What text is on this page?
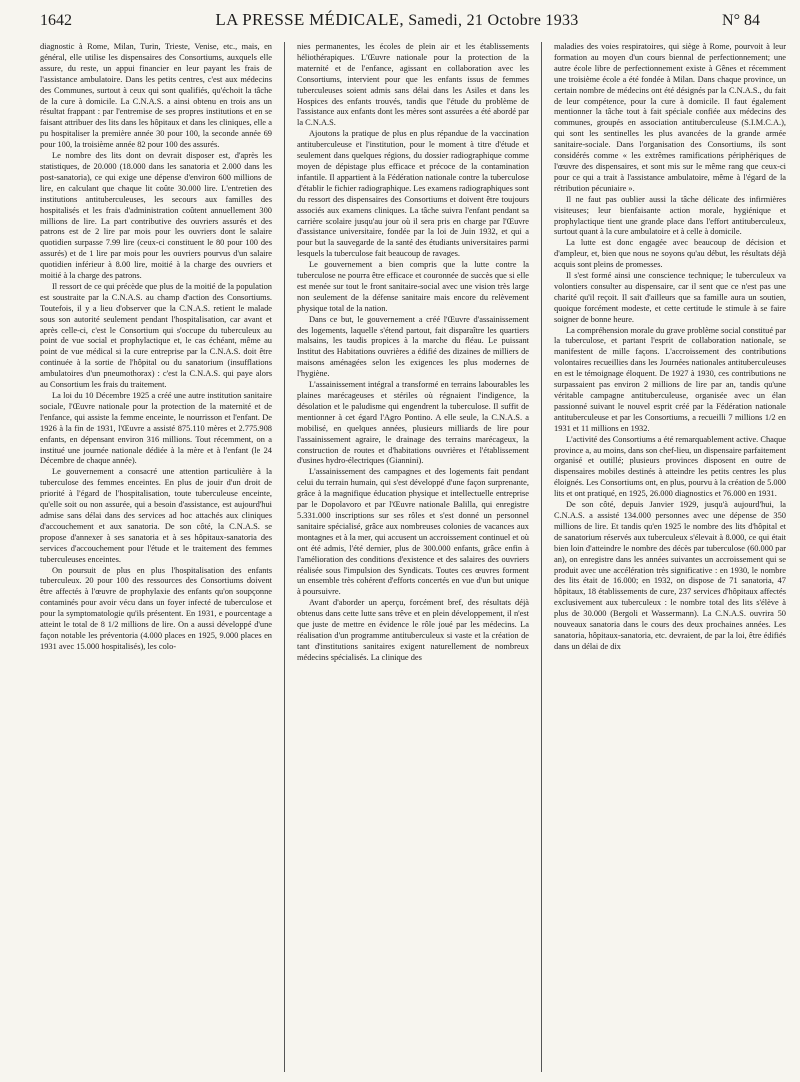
1642	LA PRESSE MÉDICALE, Samedi, 21 Octobre 1933	N° 84

diagnostic à Rome, Milan, Turin, Trieste, Venise, etc., mais, en général, elle utilise les dispensaires des Consortiums, auxquels elle assure, du reste, un appui financier en leur payant les frais de l'assistance ambulatoire. Dans les petits centres, c'est aux médecins des Communes, surtout à ceux qui sont qualifiés, qu'échoit la tâche de la cure à domicile. La C.N.A.S. a ainsi obtenu en trois ans un résultat frappant : par l'entremise de ses propres institutions et en se faisant attribuer des lits dans les hôpitaux et dans les cliniques, elle a pu hospitaliser la première année 30 pour 100, la seconde année 69 pour 100, la troisième année 82 pour 100 des assurés.

Le nombre des lits dont on devrait disposer est, d'après les statistiques, de 20.000 (18.000 dans les sanatoria et 2.000 dans les post-sanatoria), ce qui exige une dépense d'environ 600 millions de lire, en calculant que chaque lit coûte 30.000 lire. L'entretien des institutions antituberculeuses, les secours aux familles des hospitalisés et les frais d'administration coûtent annuellement 300 millions de lire. La part contributive des ouvriers assurés et des patrons est de 2 lire par mois pour les ouvriers dont le salaire quotidien surpasse 7.99 lire (ceux-ci constituent le 80 pour 100 des assurés) et de 1 lire par mois pour les ouvriers pourvus d'un salaire quotidien inférieur à 8.00 lire, moitié à la charge des ouvriers et moitié à la charge des patrons.

Il ressort de ce qui précède que plus de la moitié de la population est soustraite par la C.N.A.S. au champ d'action des Consortiums. Toutefois, il y a lieu d'observer que la C.N.A.S. retient le malade sous son autorité seulement pendant l'hospitalisation, car avant et après celle-ci, c'est le Consortium qui s'occupe du tuberculeux au point de vue social et prophylactique et, le cas échéant, même au point de vue médical si la cure entreprise par la C.N.A.S. doit être continuée à la sortie de l'hôpital ou du sanatorium (insufflations ambulatoires d'un pneumothorax) : c'est la C.N.A.S. qui paye alors au Consortium les frais du traitement.

La loi du 10 Décembre 1925 a créé une autre institution sanitaire sociale, l'Œuvre nationale pour la protection de la maternité et de l'enfance, qui assiste la femme enceinte, le nourrisson et l'enfant. De 1926 à la fin de 1931, l'Œuvre a assisté 875.110 mères et 2.775.908 enfants, en dépensant environ 316 millions. Tout récemment, on a institué une journée nationale dédiée à la mère et à l'enfant (le 24 Décembre de chaque année).

Le gouvernement a consacré une attention particulière à la tuberculose des femmes enceintes. En plus de jouir d'un droit de priorité à l'égard de l'hospitalisation, toute tuberculeuse enceinte, qu'elle soit ou non assurée, qui a besoin d'assistance, est aujourd'hui admise sans délai dans des services ad hoc attachés aux cliniques d'accouchement et aux sanatoria. De son côté, la C.N.A.S. se propose d'annexer à ses sanatoria et à ses hôpitaux-sanatoria des services d'accouchement pour l'étude et le traitement des femmes tuberculeuses enceintes.

On poursuit de plus en plus l'hospitalisation des enfants tuberculeux. 20 pour 100 des ressources des Consortiums doivent être affectés à l'œuvre de prophylaxie des enfants qu'on soupçonne contaminés pour avoir vécu dans un foyer infecté de tuberculose et pour la symptomatologie qu'ils présentent. En 1931, e pourcentage a atteint le total de 8 1/2 millions de lire. On a aussi développé d'une façon notable les préventoria (4.000 places en 1925, 9.000 places en 1931 avec 15.000 hospitalisés), les colo-

nies permanentes, les écoles de plein air et les établissements héliothérapiques. L'Œuvre nationale pour la protection de la maternité et de l'enfance, agissant en collaboration avec les Consortiums, intervient pour que les enfants issus de femmes tuberculeuses soient admis sans délai dans les Asiles et dans les Hospices des enfants trouvés, tandis que l'étude du problème de l'assistance aux enfants dont les mères sont assurées a été abordé par la C.N.A.S.

Ajoutons la pratique de plus en plus répandue de la vaccination antituberculeuse et l'institution, pour le moment à titre d'étude et seulement dans quelques régions, du dossier radiographique comme moyen de dépistage plus efficace et précoce de la contamination infantile. Il appartient à la Fédération nationale contre la tuberculose d'établir le fichier radiographique. Les examens radiographiques sont du ressort des dispensaires des Consortiums et doivent être toujours associés aux examens cliniques. La tâche suivra l'enfant pendant sa carrière scolaire jusqu'au jour où il sera pris en charge par l'Œuvre d'assistance universitaire, fondée par la loi de Juin 1932, et qui a pour but la sauvegarde de la santé des étudiants universitaires parmi lesquels la tuberculose fait beaucoup de ravages.

Le gouvernement a bien compris que la lutte contre la tuberculose ne pourra être efficace et couronnée de succès que si elle est menée sur tout le front sanitaire-social avec une vision très large non seulement de la défense sanitaire mais encore du relèvement physique total de la nation.

Dans ce but, le gouvernement a créé l'Œuvre d'assainissement des logements, laquelle s'étend partout, fait disparaître les quartiers malsains, les taudis propices à la marche du fléau. Le puissant Institut des Habitations ouvrières a édifié des dizaines de milliers de maisons aménagées selon les exigences les plus modernes de l'hygiène.

L'assainissement intégral a transformé en terrains labourables les plaines marécageuses et stériles où régnaient l'indigence, la désolation et le paludisme qui engendrent la tuberculose. Il suffit de mentionner à cet égard l'Agro Pontino. A elle seule, la C.N.A.S. a mobilisé, en quelques années, plusieurs milliards de lire pour l'assainissement agraire, le drainage des terrains marécageux, la construction de routes et d'habitations ouvrières et l'établissement d'usines hydro-électriques (Giannini).

L'assainissement des campagnes et des logements fait pendant celui du terrain humain, qui s'est développé d'une façon surprenante, grâce à la magnifique éducation physique et intellectuelle entreprise par le Dopolavoro et par l'Œuvre nationale Balilla, qui enregistre 5.331.000 inscriptions sur ses rôles et s'est donné un personnel sanitaire spécialisé, grâce aux nombreuses colonies de vacances aux montagnes et à la mer, qui accusent un accroissement continuel et où ont été admis, l'été dernier, plus de 300.000 enfants, grâce enfin à l'amélioration des conditions d'existence et des salaires des ouvriers réalisée sous l'impulsion des Syndicats. Toutes ces œuvres forment un ensemble très cohérent d'efforts concertés en vue d'un but unique à poursuivre.

Avant d'aborder un aperçu, forcément bref, des résultats déjà obtenus dans cette lutte sans trêve et en plein développement, il n'est que juste de mettre en évidence le rôle joué par les médecins. La réalisation d'un programme antituberculeux si vaste et la création de tant d'institutions sanitaires exigent naturellement de nombreux médecins spécialisés. La clinique des

maladies des voies respiratoires, qui siège à Rome, pourvoit à leur formation au moyen d'un cours biennal de perfectionnement; une autre école libre de perfectionnement existe à Gênes et récemment une troisième école a été fondée à Milan. Dans chaque province, un certain nombre de médecins ont été désignés par la C.N.A.S., du fait de leur compétence, pour la cure à domicile. Il faut également mentionner la tâche tout à fait spéciale confiée aux médecins des communes, groupés en association antituberculeuse (S.I.M.C.A.), qui sont les sentinelles les plus avancées de la grande armée sanitaire-sociale. Dans l'organisation des Consortiums, ils sont considérés comme « les extrêmes ramifications périphériques de l'œuvre des dispensaires, et sont mis sur le même rang que ceux-ci pour ce qui a trait à l'assistance ambulatoire, même à l'égard de la rétribution pécuniaire ».

Il ne faut pas oublier aussi la tâche délicate des infirmières visiteuses; leur bienfaisante action morale, hygiénique et prophylactique tient une grande place dans l'effort antituberculeux, surtout quant à la cure ambulatoire et à celle à domicile.

La lutte est donc engagée avec beaucoup de décision et d'ampleur, et, bien que nous ne soyons qu'au début, les résultats déjà acquis sont pleins de promesses.

Il s'est formé ainsi une conscience technique; le tuberculeux va volontiers consulter au dispensaire, car il sent que ce n'est pas une charité qu'il reçoit. Il sait d'ailleurs que sa famille aura un soutien, quoique forcément modeste, et cette certitude le stimule à se faire soigner de bonne heure.

La compréhension morale du grave problème social constitué par la tuberculose, et partant l'esprit de collaboration nationale, se manifestent de mille façons. L'accroissement des contributions volontaires recueillies dans les Journées nationales antituberculeuses en est le témoignage éloquent. De 1927 à 1930, ces contributions ne surpassaient pas environ 2 millions de lire par an, tandis qu'une véritable campagne antituberculeuse, organisée avec un élan passionné suivant le nouvel esprit créé par la Fédération nationale antituberculeuse et par les Consortiums, a recueilli 7 millions 1/2 en 1931 et 11 millions en 1932.

L'activité des Consortiums a été remarquablement active. Chaque province a, au moins, dans son chef-lieu, un dispensaire parfaitement organisé et outillé; plusieurs provinces disposent en outre de dispensaires mobiles destinés à atteindre les petits centres les plus éloignés. Les Consortiums ont, en plus, pourvu à la création de 5.000 lits et ont pratiqué, en 1925, 26.000 diagnostics et 76.000 en 1931.

De son côté, depuis Janvier 1929, jusqu'à aujourd'hui, la C.N.A.S. a assisté 134.000 personnes avec une dépense de 350 millions de lire. Et tandis qu'en 1925 le nombre des lits d'hôpital et de sanatorium réservés aux tuberculeux s'élevait à 8.000, ce qui était bien loin d'atteindre le nombre des décès par tuberculose (60.000 par an), on enregistre dans les années suivantes un accroissement qui se produit avec une accélération très significative : en 1930, le nombre des lits était de 16.000; en 1932, on dispose de 71 sanatoria, 47 hôpitaux, 18 établissements de cure, 237 services d'hôpitaux affectés exclusivement aux tuberculeux : le nombre total des lits s'élève à plus de 30.000 (Bergoli et Wassermann). La C.N.A.S. ouvrira 50 nouveaux sanatoria dans le cours des deux prochaines années. Les sanatoria, hôpitaux-sanatoria, etc. devraient, de par la loi, être édifiés dans un délai de dix
